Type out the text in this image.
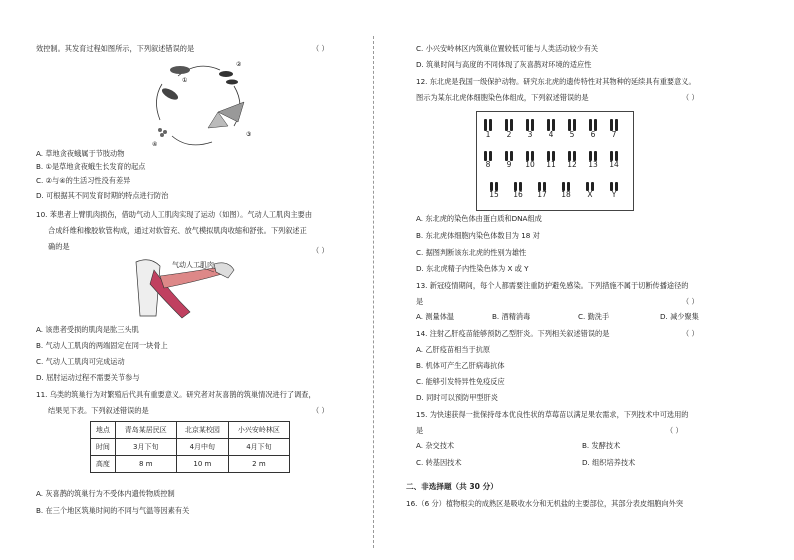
效控制。其发育过程如图所示，下列叙述错误的是	（ ）
①
②
③
④
A. 草地贪夜蛾属于节肢动物
B. ①是草地贪夜蛾生长发育的起点
C. ②与④的生活习性没有差异
D. 可根据其不同发育时期的特点进行防治
10. 苯患者上臂肌肉损伤，借助气动人工肌肉实现了运动（如图）。气动人工肌肉主要由
合成纤维和橡胶软管构成，通过对软管充、放气模拟肌肉收缩和舒张。下列叙述正
确的是	（ ）
气动人工肌肉
A. 该患者受损的肌肉是肱三头肌
B. 气动人工肌肉的两端固定在同一块骨上
C. 气动人工肌肉可完成运动
D. 屈肘运动过程不需要关节参与
11. 乌类的筑巢行为对繁殖后代具有重要意义。研究者对灰喜鹊的筑巢情况进行了调查，
结果见下表。下列叙述错误的是	（ ）
地点	青岛某居民区	北京某校园	小兴安岭林区
时间	3月下旬	4月中旬	4月下旬
高度	8 m	10 m	2 m
A. 灰喜鹊的筑巢行为不受体内遗传物质控制
B. 在三个地区筑巢时间的不同与气温等因素有关
C. 小兴安岭林区内筑巢位置较低可能与人类活动较少有关
D. 筑巢时间与高度的不同体现了灰喜鹊对环境的适应性
12. 东北虎是我国一级保护动物。研究东北虎的遗传特性对其物种的延续具有重要意义。
图示为某东北虎体细胞染色体组成，下列叙述错误的是	（ ）
1	2	3	4	5	6	7
8	9	10 11 12 13 14
15 16 17 18	X	Y
A. 东北虎的染色体由蛋白质和DNA组成
B. 东北虎体细胞内染色体数目为 18 对
C. 据图判断该东北虎的性别为雄性
D. 东北虎精子内性染色体为 X 或 Y
13. 新冠疫情期间，每个人都需要注重防护避免感染。下列措施不属于切断传播途径的
是	（ ）
A. 测量体温	B. 酒精消毒	C. 勤洗手	D. 减少聚集
14. 注射乙肝疫苗能够预防乙型肝炎。下列相关叙述错误的是	（ ）
A. 乙肝疫苗相当于抗原
B. 机体可产生乙肝病毒抗体
C. 能够引发特异性免疫反应
D. 同时可以预防甲型肝炎
15. 为快速获得一批保持母本优良性状的草莓苗以满足果农需求，下列技术中可选用的
是	（ ）
A. 杂交技术	B. 发酵技术
C. 转基因技术	D. 组织培养技术
二、非选择题（共 30 分）
16.（6 分）植物根尖的成熟区是吸收水分和无机盐的主要部位，其部分表皮细胞向外突
